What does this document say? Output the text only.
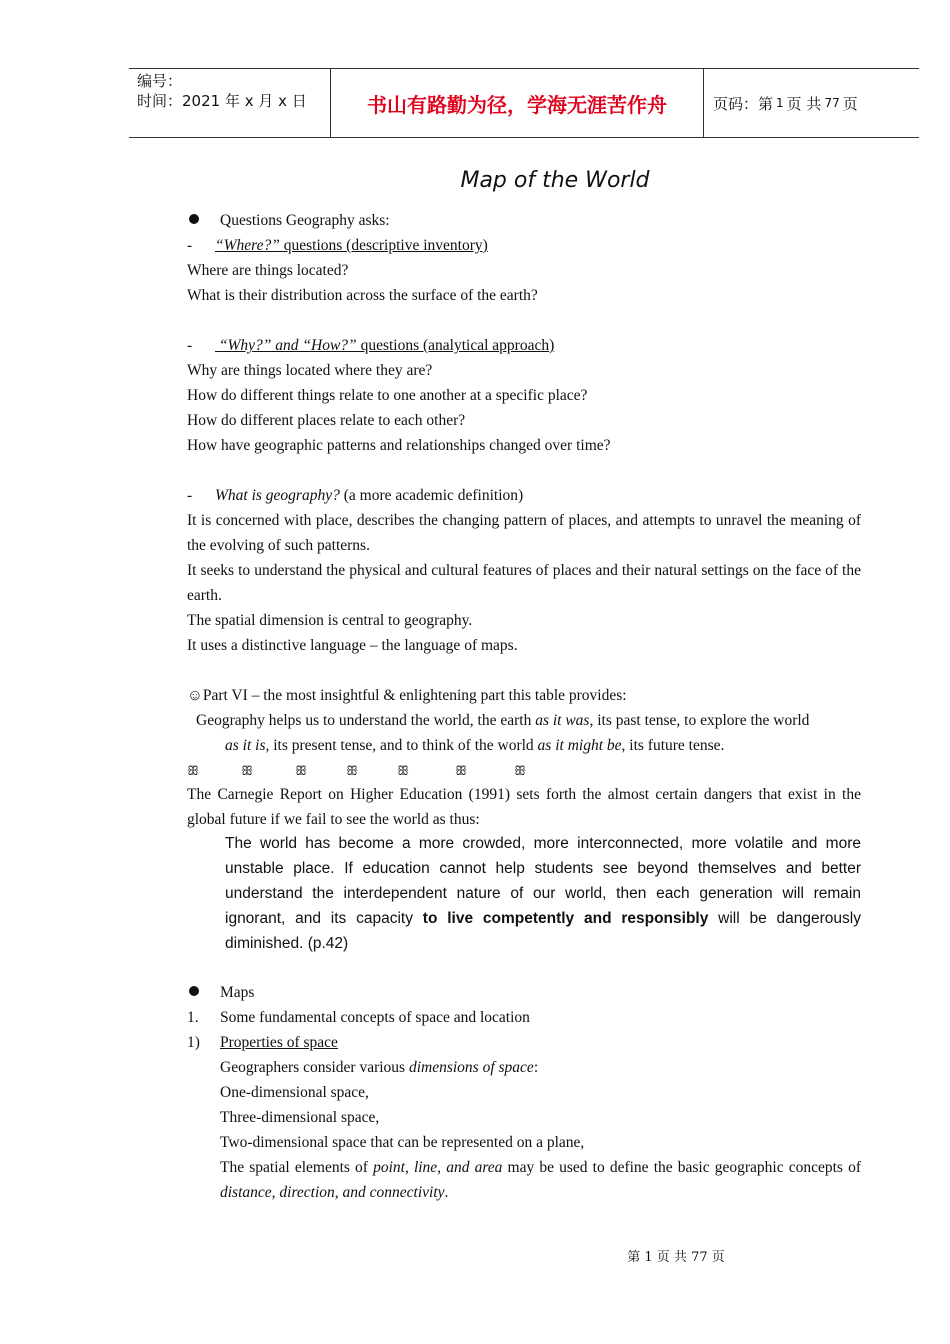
编号：
时间：2021 年 x 月 x 日	书山有路勤为径，学海无涯苦作舟	页码：第 1 页 共 77 页
Map of the World
Questions Geography asks:
- “Where?” questions (descriptive inventory)
Where are things located?
What is their distribution across the surface of the earth?
- “Why?” and “How?” questions (analytical approach)
Why are things located where they are?
How do different things relate to one another at a specific place?
How do different places relate to each other?
How have geographic patterns and relationships changed over time?
- What is geography? (a more academic definition)
It is concerned with place, describes the changing pattern of places, and attempts to unravel the meaning of the evolving of such patterns.
It seeks to understand the physical and cultural features of places and their natural settings on the face of the earth.
The spatial dimension is central to geography.
It uses a distinctive language – the language of maps.
☺Part VI – the most insightful & enlightening part this table provides:
Geography helps us to understand the world, the earth as it was, its past tense, to explore the world
as it is, its present tense, and to think of the world as it might be, its future tense.
ꕥ	ꕥ	ꕥ	ꕥ	ꕥ	ꕥ	ꕥ
The Carnegie Report on Higher Education (1991) sets forth the almost certain dangers that exist in the global future if we fail to see the world as thus:
The world has become a more crowded, more interconnected, more volatile and more unstable place. If education cannot help students see beyond themselves and better understand the interdependent nature of our world, then each generation will remain ignorant, and its capacity to live competently and responsibly will be dangerously diminished. (p.42)
Maps
1. Some fundamental concepts of space and location
1) Properties of space
Geographers consider various dimensions of space:
One-dimensional space,
Three-dimensional space,
Two-dimensional space that can be represented on a plane,
The spatial elements of point, line, and area may be used to define the basic geographic concepts of distance, direction, and connectivity.
第 1 页 共 77 页
